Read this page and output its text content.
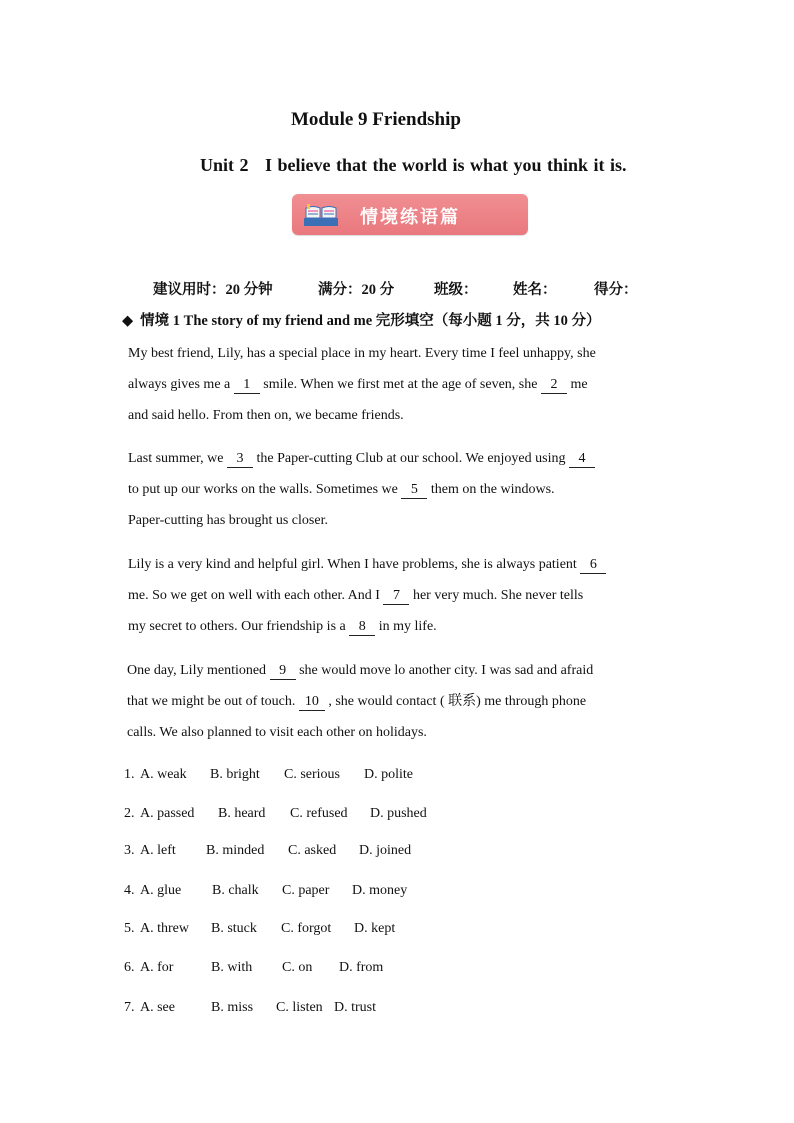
Module 9 Friendship
Unit 2   I believe that the world is what you think it is.
情境练语篇
建议用时：20 分钟	满分：20 分	班级： 姓名：	得分：
◆ 情境 1 The story of my friend and me 完形填空（每小题 1 分，共 10 分）
My best friend, Lily, has a special place in my heart. Every time I feel unhappy, she
always gives me a 1 smile. When we first met at the age of seven, she 2 me
and said hello. From then on, we became friends.
Last summer, we 3 the Paper-cutting Club at our school. We enjoyed using 4
to put up our works on the walls. Sometimes we 5 them on the windows.
Paper-cutting has brought us closer.
Lily is a very kind and helpful girl. When I have problems, she is always patient 6
me. So we get on well with each other. And I 7 her very much. She never tells
my secret to others. Our friendship is a 8 in my life.
One day, Lily mentioned 9 she would move lo another city. I was sad and afraid
that we might be out of touch. 10 , she would contact ( 联系) me through phone
calls. We also planned to visit each other on holidays.
1. A. weak B. bright C. serious D. polite
2. A. passed B. heard C. refused D. pushed
3. A. left B. minded C. asked D. joined
4. A. glue B. chalk C. paper D. money
5. A. threw B. stuck C. forgot D. kept
6. A. for	B. with C. on D. from
7. A. see	B. miss C. listen D. trust
